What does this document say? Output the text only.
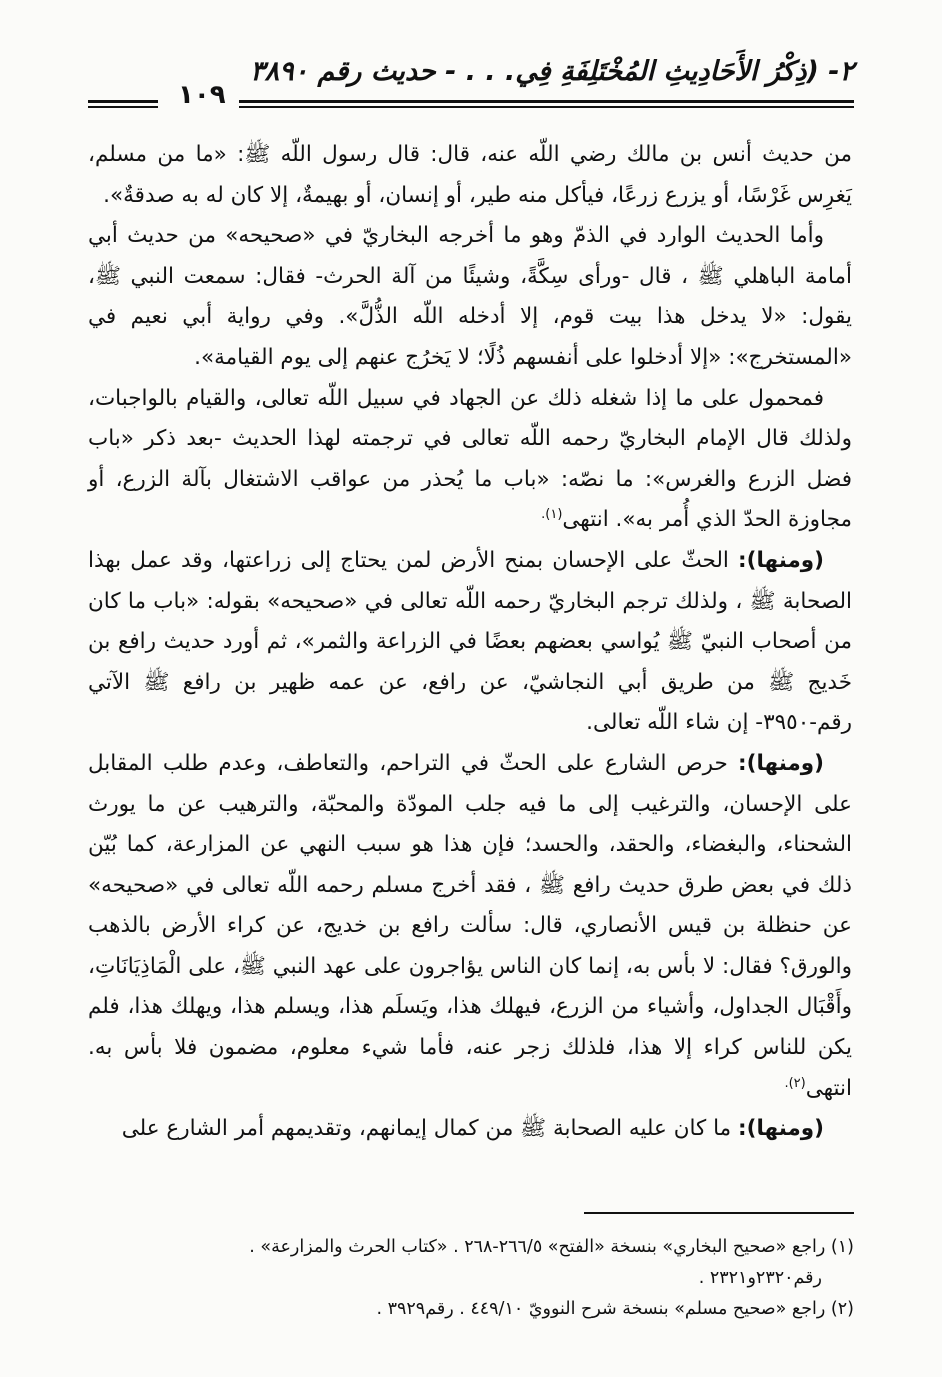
٢- (ذِكْرُ الأَحَادِيثِ المُخْتَلِفَةِ فِي. . . - حديث رقم ٣٨٩٠
١٠٩

من حديث أنس بن مالك رضي اللّه عنه، قال: قال رسول اللّه ﷺ: «ما من مسلم، يَغرِس غَرْسًا، أو يزرع زرعًا، فيأكل منه طير، أو إنسان، أو بهيمةٌ، إلا كان له به صدقةٌ».

وأما الحديث الوارد في الذمّ وهو ما أخرجه البخاريّ في «صحيحه» من حديث أبي أمامة الباهلي ﷺ ، قال -ورأى سِكَّةً، وشيئًا من آلة الحرث- فقال: سمعت النبي ﷺ، يقول: «لا يدخل هذا بيت قوم، إلا أدخله اللّه الذُّلَّ». وفي رواية أبي نعيم في «المستخرج»: «إلا أدخلوا على أنفسهم ذُلًا؛ لا يَخرُج عنهم إلى يوم القيامة».

فمحمول على ما إذا شغله ذلك عن الجهاد في سبيل اللّه تعالى، والقيام بالواجبات، ولذلك قال الإمام البخاريّ رحمه اللّه تعالى في ترجمته لهذا الحديث -بعد ذكر «باب فضل الزرع والغرس»: ما نصّه: «باب ما يُحذر من عواقب الاشتغال بآلة الزرع، أو مجاوزة الحدّ الذي أُمر به». انتهى$^{(١).}$

(ومنها): الحثّ على الإحسان بمنح الأرض لمن يحتاج إلى زراعتها، وقد عمل بهذا الصحابة ﷺ ، ولذلك ترجم البخاريّ رحمه اللّه تعالى في «صحيحه» بقوله: «باب ما كان من أصحاب النبيّ ﷺ يُواسي بعضهم بعضًا في الزراعة والثمر»، ثم أورد حديث رافع بن خَديج ﷺ من طريق أبي النجاشيّ، عن رافع، عن عمه ظهير بن رافع ﷺ الآتي رقم-٣٩٥٠- إن شاء اللّه تعالى.

(ومنها): حرص الشارع على الحثّ في التراحم، والتعاطف، وعدم طلب المقابل على الإحسان، والترغيب إلى ما فيه جلب المودّة والمحبّة، والترهيب عن ما يورث الشحناء، والبغضاء، والحقد، والحسد؛ فإن هذا هو سبب النهي عن المزارعة، كما بُيّن ذلك في بعض طرق حديث رافع ﷺ ، فقد أخرج مسلم رحمه اللّه تعالى في «صحيحه» عن حنظلة بن قيس الأنصاري، قال: سألت رافع بن خديج، عن كراء الأرض بالذهب والورق؟ فقال: لا بأس به، إنما كان الناس يؤاجرون على عهد النبي ﷺ، على الْمَاذِيَانَاتِ، وأَقْبَال الجداول، وأشياء من الزرع، فيهلك هذا، ويَسلَم هذا، ويسلم هذا، ويهلك هذا، فلم يكن للناس كراء إلا هذا، فلذلك زجر عنه، فأما شيء معلوم، مضمون فلا بأس به. انتهى$^{(٢).}$

(ومنها): ما كان عليه الصحابة ﷺ من كمال إيمانهم، وتقديمهم أمر الشارع على

(١) راجع «صحيح البخاري» بنسخة «الفتح» ٢٦٦/٥-٢٦٨ . «كتاب الحرث والمزارعة» .

رقم٢٣٢٠و٢٣٢١ .

(٢) راجع «صحيح مسلم» بنسخة شرح النوويّ ٤٤٩/١٠ . رقم٣٩٢٩ .
